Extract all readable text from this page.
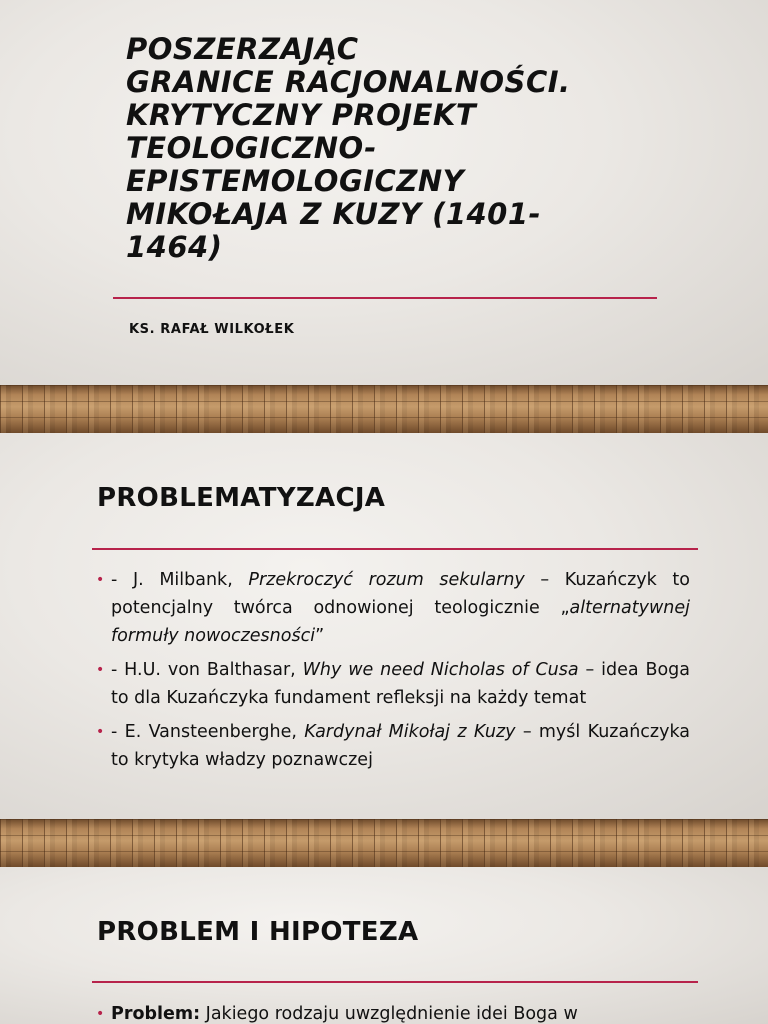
POSZERZAJĄC
GRANICE RACJONALNOŚCI.
KRYTYCZNY PROJEKT
TEOLOGICZNO-
EPISTEMOLOGICZNY
MIKOŁAJA Z KUZY (1401-
1464)

KS. RAFAŁ WILKOŁEK

PROBLEMATYZACJA
• - J. Milbank, Przekroczyć rozum sekularny – Kuzańczyk to potencjalny twórca odnowionej teologicznie „alternatywnej formuły nowoczesności”
• - H.U. von Balthasar, Why we need Nicholas of Cusa – idea Boga to dla Kuzańczyka fundament refleksji na każdy temat
• - E. Vansteenberghe, Kardynał Mikołaj z Kuzy – myśl Kuzańczyka to krytyka władzy poznawczej
PROBLEM I HIPOTEZA
• Problem: Jakiego rodzaju uwzględnienie idei Boga w
